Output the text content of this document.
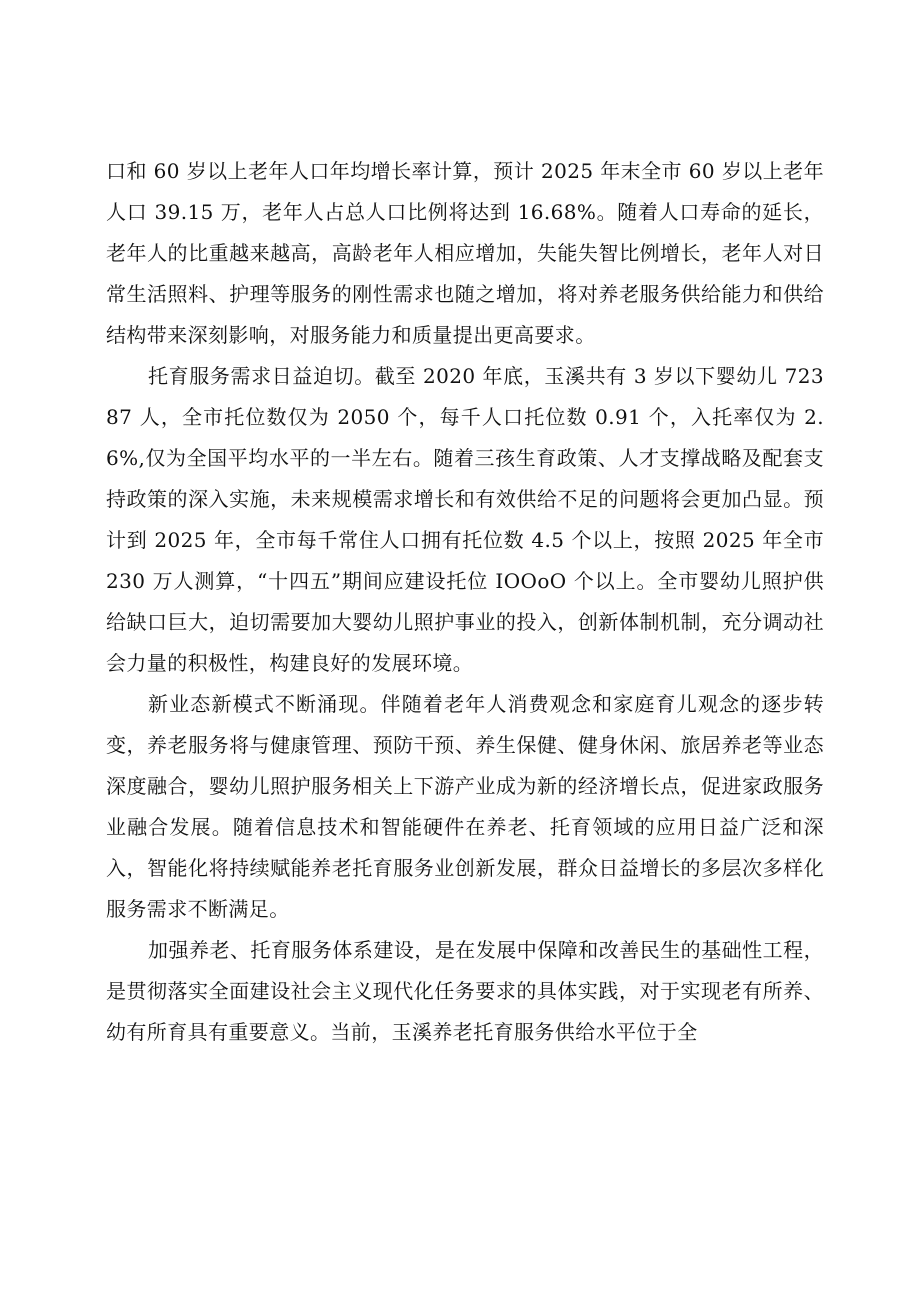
口和 60 岁以上老年人口年均增长率计算，预计 2025 年末全市 60 岁以上老年人口 39.15 万，老年人占总人口比例将达到 16.68%。随着人口寿命的延长，老年人的比重越来越高，高龄老年人相应增加，失能失智比例增长，老年人对日常生活照料、护理等服务的刚性需求也随之增加，将对养老服务供给能力和供给结构带来深刻影响，对服务能力和质量提出更高要求。

托育服务需求日益迫切。截至 2020 年底，玉溪共有 3 岁以下婴幼儿 72387 人，全市托位数仅为 2050 个，每千人口托位数 0.91 个，入托率仅为 2.6%,仅为全国平均水平的一半左右。随着三孩生育政策、人才支撑战略及配套支持政策的深入实施，未来规模需求增长和有效供给不足的问题将会更加凸显。预计到 2025 年，全市每千常住人口拥有托位数 4.5 个以上，按照 2025 年全市 230 万人测算，“十四五”期间应建设托位 IOOoO 个以上。全市婴幼儿照护供给缺口巨大，迫切需要加大婴幼儿照护事业的投入，创新体制机制，充分调动社会力量的积极性，构建良好的发展环境。

新业态新模式不断涌现。伴随着老年人消费观念和家庭育儿观念的逐步转变，养老服务将与健康管理、预防干预、养生保健、健身休闲、旅居养老等业态深度融合，婴幼儿照护服务相关上下游产业成为新的经济增长点，促进家政服务业融合发展。随着信息技术和智能硬件在养老、托育领域的应用日益广泛和深入，智能化将持续赋能养老托育服务业创新发展，群众日益增长的多层次多样化服务需求不断满足。

加强养老、托育服务体系建设，是在发展中保障和改善民生的基础性工程，是贯彻落实全面建设社会主义现代化任务要求的具体实践，对于实现老有所养、幼有所育具有重要意义。当前，玉溪养老托育服务供给水平位于全
